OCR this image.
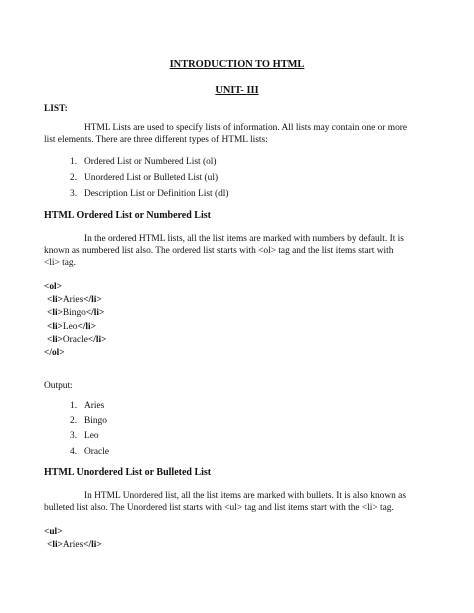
INTRODUCTION TO HTML
UNIT- III
LIST:
HTML Lists are used to specify lists of information. All lists may contain one or more
list elements. There are three different types of HTML lists:
1. Ordered List or Numbered List (ol)
2. Unordered List or Bulleted List (ul)
3. Description List or Definition List (dl)
HTML Ordered List or Numbered List
In the ordered HTML lists, all the list items are marked with numbers by default. It is
known as numbered list also. The ordered list starts with <ol> tag and the list items start with
<li> tag.
<ol>
<li>Aries</li>
<li>Bingo</li>
<li>Leo</li>
<li>Oracle</li>
</ol>
Output:
1. Aries
2. Bingo
3. Leo
4. Oracle
HTML Unordered List or Bulleted List
In HTML Unordered list, all the list items are marked with bullets. It is also known as
bulleted list also. The Unordered list starts with <ul> tag and list items start with the <li> tag.
<ul>
<li>Aries</li>
